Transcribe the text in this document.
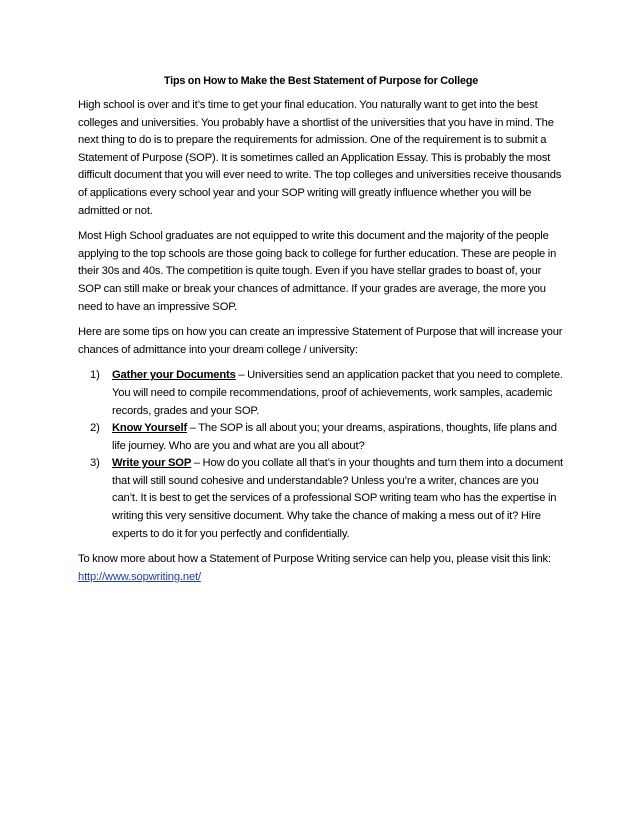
Tips on How to Make the Best Statement of Purpose for College

High school is over and it’s time to get your final education. You naturally want to get into the best colleges and universities. You probably have a shortlist of the universities that you have in mind. The next thing to do is to prepare the requirements for admission. One of the requirement is to submit a Statement of Purpose (SOP). It is sometimes called an Application Essay. This is probably the most difficult document that you will ever need to write. The top colleges and universities receive thousands of applications every school year and your SOP writing will greatly influence whether you will be admitted or not.

Most High School graduates are not equipped to write this document and the majority of the people applying to the top schools are those going back to college for further education. These are people in their 30s and 40s. The competition is quite tough. Even if you have stellar grades to boast of, your SOP can still make or break your chances of admittance. If your grades are average, the more you need to have an impressive SOP.

Here are some tips on how you can create an impressive Statement of Purpose that will increase your chances of admittance into your dream college / university:

1) Gather your Documents – Universities send an application packet that you need to complete. You will need to compile recommendations, proof of achievements, work samples, academic records, grades and your SOP.
2) Know Yourself – The SOP is all about you; your dreams, aspirations, thoughts, life plans and life journey. Who are you and what are you all about?
3) Write your SOP – How do you collate all that’s in your thoughts and turn them into a document that will still sound cohesive and understandable? Unless you’re a writer, chances are you can’t. It is best to get the services of a professional SOP writing team who has the expertise in writing this very sensitive document. Why take the chance of making a mess out of it? Hire experts to do it for you perfectly and confidentially.

To know more about how a Statement of Purpose Writing service can help you, please visit this link:
http://www.sopwriting.net/
